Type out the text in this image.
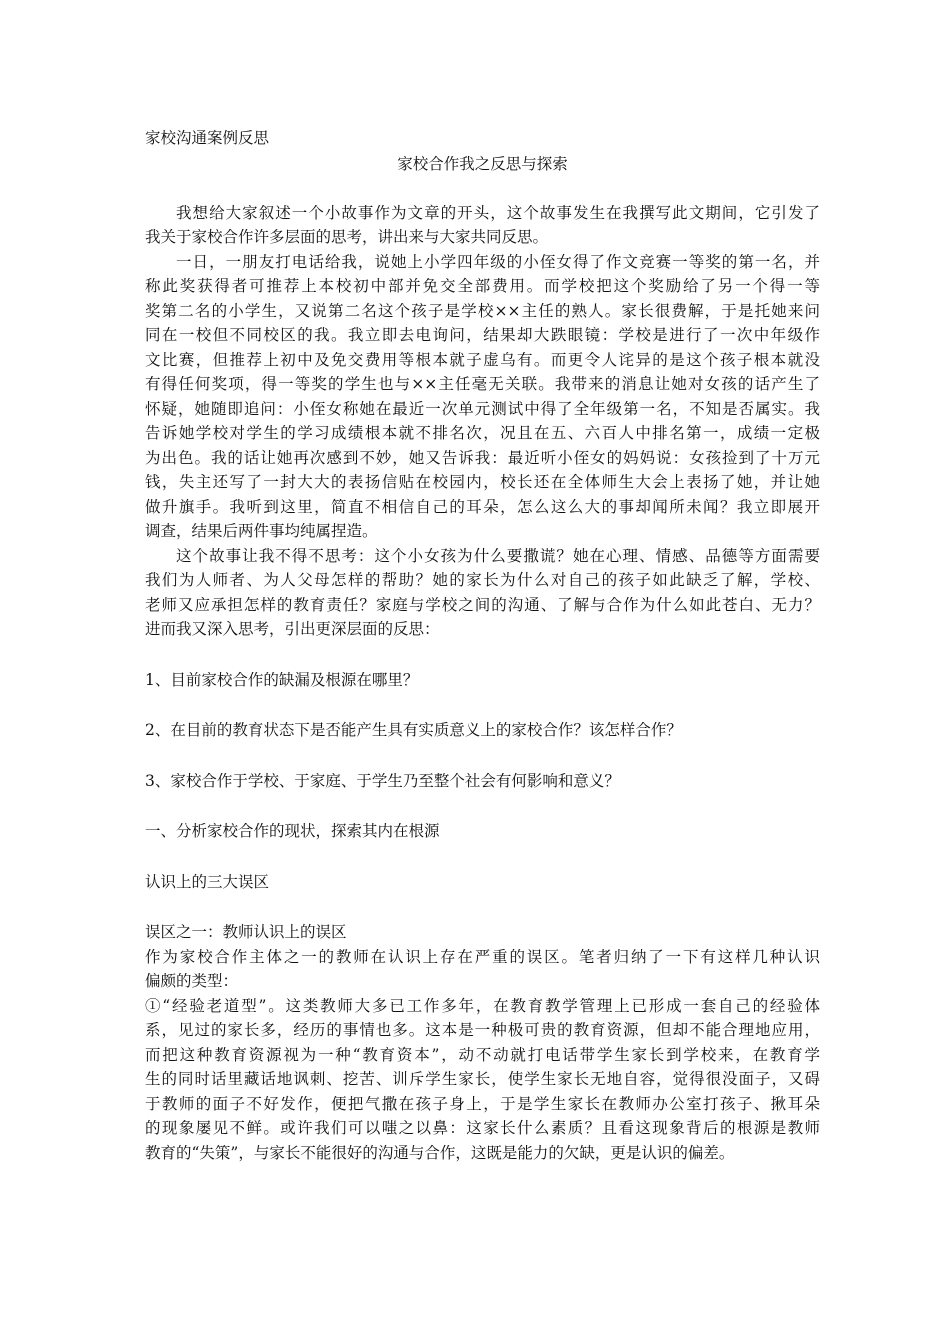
家校沟通案例反思
家校合作我之反思与探索
我想给大家叙述一个小故事作为文章的开头，这个故事发生在我撰写此文期间，它引发了
我关于家校合作许多层面的思考，讲出来与大家共同反思。
一日，一朋友打电话给我，说她上小学四年级的小侄女得了作文竞赛一等奖的第一名，并
称此奖获得者可推荐上本校初中部并免交全部费用。而学校把这个奖励给了另一个得一等
奖第二名的小学生，又说第二名这个孩子是学校××主任的熟人。家长很费解，于是托她来问
同在一校但不同校区的我。我立即去电询问，结果却大跌眼镜：学校是进行了一次中年级作
文比赛，但推荐上初中及免交费用等根本就子虚乌有。而更令人诧异的是这个孩子根本就没
有得任何奖项，得一等奖的学生也与××主任毫无关联。我带来的消息让她对女孩的话产生了
怀疑，她随即追问：小侄女称她在最近一次单元测试中得了全年级第一名，不知是否属实。我
告诉她学校对学生的学习成绩根本就不排名次，况且在五、六百人中排名第一，成绩一定极
为出色。我的话让她再次感到不妙，她又告诉我：最近听小侄女的妈妈说：女孩捡到了十万元
钱，失主还写了一封大大的表扬信贴在校园内，校长还在全体师生大会上表扬了她，并让她
做升旗手。我听到这里，简直不相信自己的耳朵，怎么这么大的事却闻所未闻？我立即展开
调查，结果后两件事均纯属捏造。
这个故事让我不得不思考：这个小女孩为什么要撒谎？她在心理、情感、品德等方面需要
我们为人师者、为人父母怎样的帮助？她的家长为什么对自己的孩子如此缺乏了解，学校、
老师又应承担怎样的教育责任？家庭与学校之间的沟通、了解与合作为什么如此苍白、无力？
进而我又深入思考，引出更深层面的反思：
1、目前家校合作的缺漏及根源在哪里？
2、在目前的教育状态下是否能产生具有实质意义上的家校合作？该怎样合作？
3、家校合作于学校、于家庭、于学生乃至整个社会有何影响和意义？
一、分析家校合作的现状，探索其内在根源
认识上的三大误区
误区之一：教师认识上的误区
作为家校合作主体之一的教师在认识上存在严重的误区。笔者归纳了一下有这样几种认识
偏颇的类型：
①“经验老道型”。这类教师大多已工作多年，在教育教学管理上已形成一套自己的经验体
系，见过的家长多，经历的事情也多。这本是一种极可贵的教育资源，但却不能合理地应用，
而把这种教育资源视为一种“教育资本”，动不动就打电话带学生家长到学校来，在教育学
生的同时话里藏话地讽刺、挖苦、训斥学生家长，使学生家长无地自容，觉得很没面子，又碍
于教师的面子不好发作，便把气撒在孩子身上，于是学生家长在教师办公室打孩子、揪耳朵
的现象屡见不鲜。或许我们可以嗤之以鼻：这家长什么素质？且看这现象背后的根源是教师
教育的“失策”，与家长不能很好的沟通与合作，这既是能力的欠缺，更是认识的偏差。
